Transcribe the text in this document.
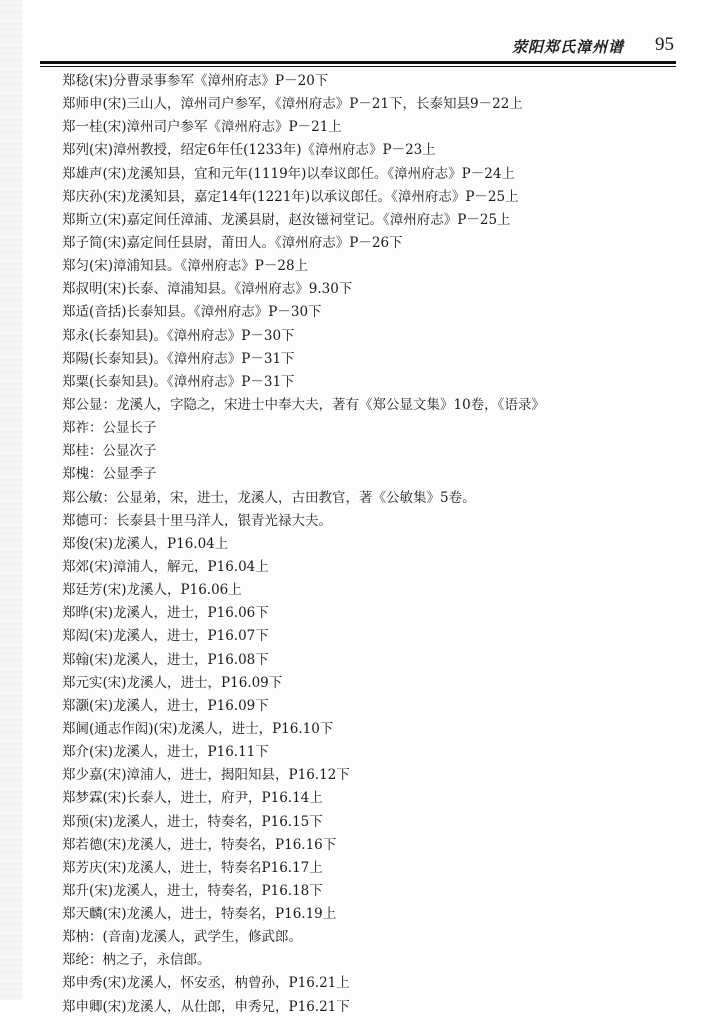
荥阳郑氏漳州谱 95
郑稔(宋)分曹录事参军《漳州府志》P－20下
郑师申(宋)三山人，漳州司户参军，《漳州府志》P－21下，长泰知县9－22上
郑一桂(宋)漳州司户参军《漳州府志》P－21上
郑列(宋)漳州教授，绍定6年任(1233年)《漳州府志》P－23上
郑雄声(宋)龙溪知县，宜和元年(1119年)以奉议郎任。《漳州府志》P－24上
郑庆孙(宋)龙溪知县，嘉定14年(1221年)以承议郎任。《漳州府志》P－25上
郑斯立(宋)嘉定间任漳浦、龙溪县尉，赵汝镃祠堂记。《漳州府志》P－25上
郑子简(宋)嘉定间任县尉，莆田人。《漳州府志》P－26下
郑匀(宋)漳浦知县。《漳州府志》P－28上
郑叔明(宋)长泰、漳浦知县。《漳州府志》9.30下
郑适(音括)长泰知县。《漳州府志》P－30下
郑永(长泰知县)。《漳州府志》P－30下
郑陽(长泰知县)。《漳州府志》P－31下
郑粟(长泰知县)。《漳州府志》P－31下
郑公显：龙溪人，字隐之，宋进士中奉大夫，著有《郑公显文集》10卷，《语录》
郑祚：公显长子
郑桂：公显次子
郑槐：公显季子
郑公敏：公显弟，宋，进士，龙溪人，古田教官，著《公敏集》5卷。
郑德可：长泰县十里马洋人，银青光禄大夫。
郑俊(宋)龙溪人，P16.04上
郑郊(宋)漳浦人，解元，P16.04上
郑廷芳(宋)龙溪人，P16.06上
郑晔(宋)龙溪人，进士，P16.06下
郑闳(宋)龙溪人，进士，P16.07下
郑翰(宋)龙溪人，进士，P16.08下
郑元实(宋)龙溪人，进士，P16.09下
郑灏(宋)龙溪人，进士，P16.09下
郑阃(通志作闳)(宋)龙溪人，进士，P16.10下
郑介(宋)龙溪人，进士，P16.11下
郑少嘉(宋)漳浦人，进士，揭阳知县，P16.12下
郑梦霖(宋)长泰人，进士，府尹，P16.14上
郑预(宋)龙溪人，进士，特奏名，P16.15下
郑若德(宋)龙溪人，进士，特奏名，P16.16下
郑芳庆(宋)龙溪人，进士，特奏名P16.17上
郑升(宋)龙溪人，进士，特奏名，P16.18下
郑天麟(宋)龙溪人，进士，特奏名，P16.19上
郑枘：(音南)龙溪人，武学生，修武郎。
郑纶：枘之子，永信郎。
郑申秀(宋)龙溪人，怀安丞，枘曾孙，P16.21上
郑申卿(宋)龙溪人，从仕郎，申秀兄，P16.21下
